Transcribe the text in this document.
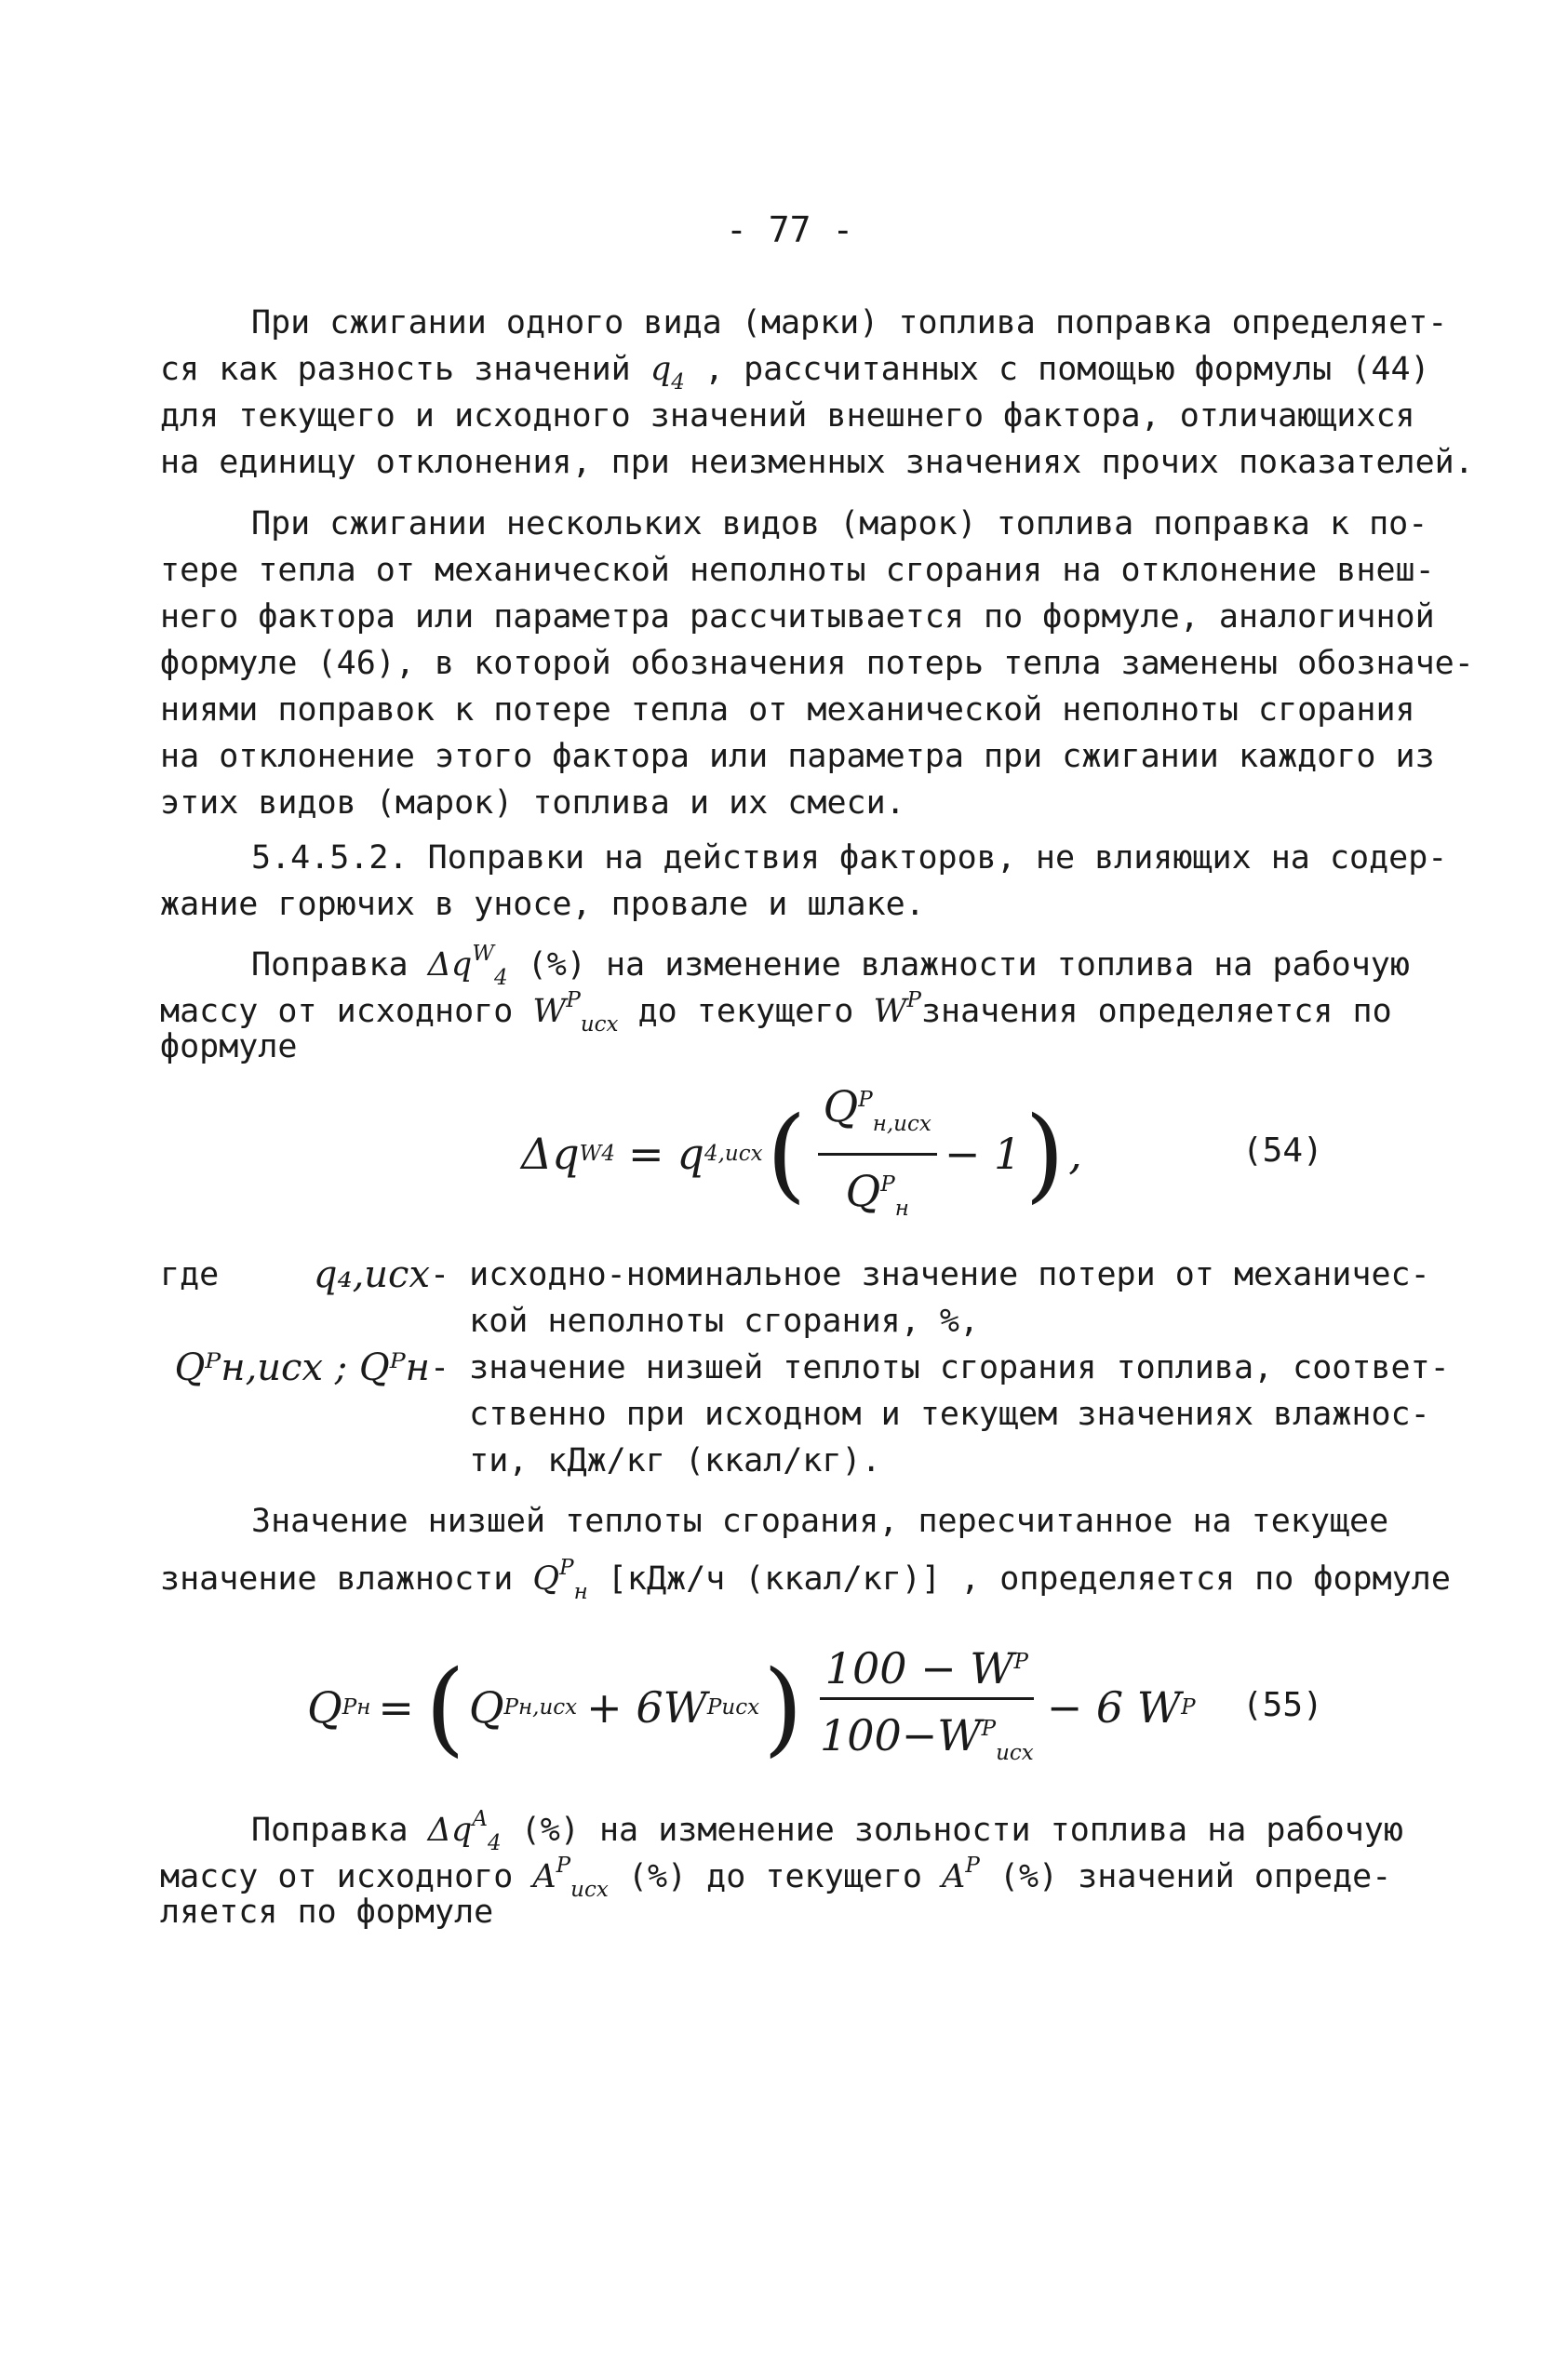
- 77 -
При сжигании одного вида (марки) топлива поправка определяет-
ся как разность значений $q_4$ , рассчитанных с помощью формулы (44)
для текущего и исходного значений внешнего фактора, отличающихся
на единицу отклонения, при неизменных значениях прочих показателей.
При сжигании нескольких видов (марок) топлива поправка к по-
тере тепла от механической неполноты сгорания на отклонение внеш-
него фактора или параметра рассчитывается по формуле, аналогичной
формуле (46), в которой обозначения потерь тепла заменены обозначе-
ниями поправок к потере тепла от механической неполноты сгорания
на отклонение этого фактора или параметра при сжигании каждого из
этих видов (марок) топлива и их смеси.
5.4.5.2. Поправки на действия факторов, не влияющих на содер-
жание горючих в уносе, провале и шлаке.
Поправка $\Delta q^W_4$ (%) на изменение влажности топлива на рабочую
массу от исходного $W^P_{исх}$ до текущего $W^Pзначения$ определяется по
формуле
Δq W 4 = q 4,исх ( $\frac{Q^P_{н,исх}}{Q^P_н} - 1$ ) ,	(54)
где	q₄,исх - исходно-номинальное значение потери от механичес-
кой неполноты сгорания, %,
Qᴾн,исх ; Qᴾн - значение низшей теплоты сгорания топлива, соответ-
ственно при исходном и текущем значениях влажнос-
ти, кДж/кг (ккал/кг).
Значение низшей теплоты сгорания, пересчитанное на текущее
значение влажности $Q^P_н$ [кДж/ч (ккал/кг)] , определяется по формуле
Q P н = ( Q P н,исх + 6W P исх ) $\frac{100 - W^P}{100-W^P_{исх}} - 6$ W P (55)
Поправка $\Delta q^A_4$ (%) на изменение зольности топлива на рабочую
массу от исходного $A^P_{исх}$ (%) до текущего $A^P$ (%) значений опреде-
ляется по формуле
